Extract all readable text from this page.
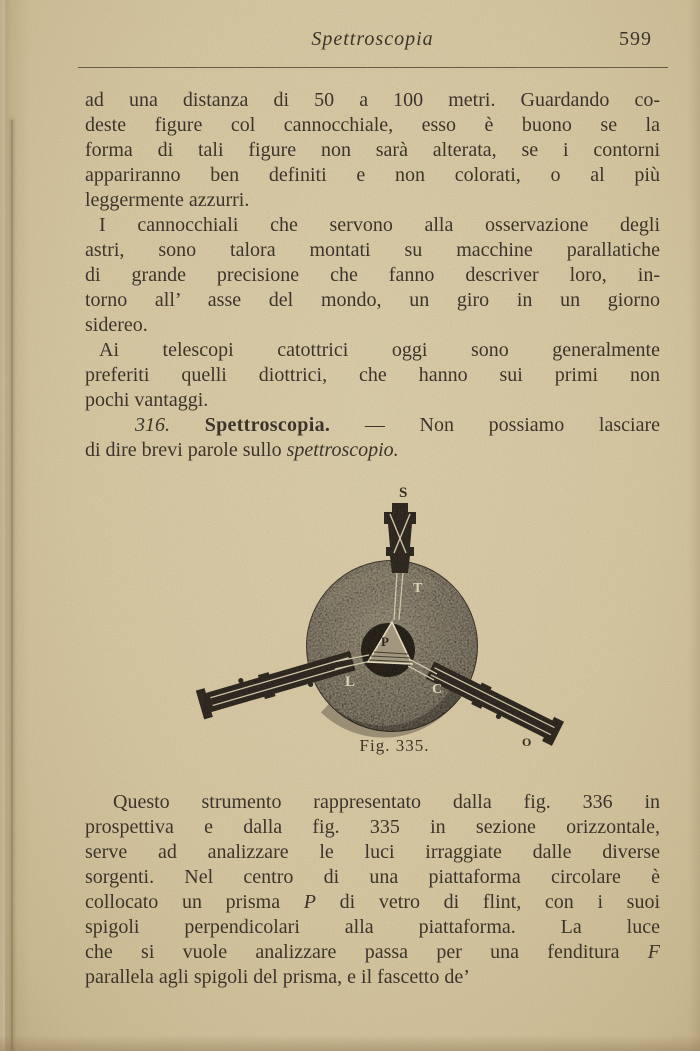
Spettroscopia	599
ad una distanza di 50 a 100 metri. Guardando co-
deste figure col cannocchiale, esso è buono se la
forma di tali figure non sarà alterata, se i contorni
appariranno ben definiti e non colorati, o al più
leggermente azzurri.
I cannocchiali che servono alla osservazione degli
astri, sono talora montati su macchine parallatiche
di grande precisione che fanno descriver loro, in-
torno all’ asse del mondo, un giro in un giorno
sidereo.
Ai telescopi catottrici oggi sono generalmente
preferiti quelli diottrici, che hanno sui primi non
pochi vantaggi.
316. Spettroscopia. — Non possiamo lasciare
di dire brevi parole sullo spettroscopio.
Questo strumento rappresentato dalla fig. 336 in
prospettiva e dalla fig. 335 in sezione orizzontale,
serve ad analizzare le luci irraggiate dalle diverse
sorgenti. Nel centro di una piattaforma circolare è
collocato un prisma P di vetro di flint, con i suoi
spigoli perpendicolari alla piattaforma. La luce
che si vuole analizzare passa per una fenditura F
parallela agli spigoli del prisma, e il fascetto de’
S
T
P
L	C
F
O
Fig. 335.
